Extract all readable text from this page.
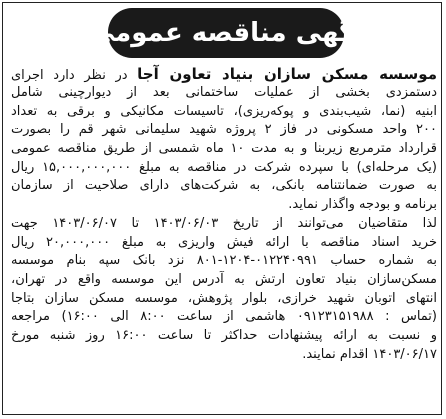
آگهی مناقصه عمومی
موسسه مسکن سازان بنیاد تعاون آجا در نظر دارد اجرای
دستمزدی بخشی از عملیات ساختمانی بعد از دیوارچینی شامل
ابنیه (نما، شیب‌بندی و پوکه‌ریزی)، تاسیسات مکانیکی و برقی به تعداد
۲۰۰ واحد مسکونی در فاز ۲ پروژه شهید سلیمانی شهر قم را بصورت
قرارداد مترمربع زیربنا و به مدت ۱۰ ماه شمسی از طریق مناقصه عمومی
(یک مرحله‌ای) با سپرده شرکت در مناقصه به مبلغ ۱۵,۰۰۰,۰۰۰,۰۰۰ ریال
به صورت ضمانتنامه بانکی، به شرکت‌های دارای صلاحیت از سازمان
برنامه و بودجه واگذار نماید.
لذا متقاضیان می‌توانند از تاریخ ۱۴۰۳/۰۶/۰۳ تا ۱۴۰۳/۰۶/۰۷ جهت
خرید اسناد مناقصه با ارائه فیش واریزی به مبلغ ۲۰,۰۰۰,۰۰۰ ریال
به شماره حساب ۰۱۲۲۴۰۹۹۱-۱۲۰۴-۸۰۱ نزد بانک سپه بنام موسسه
مسکن‌سازان بنیاد تعاون ارتش به آدرس این موسسه واقع در تهران،
انتهای اتوبان شهید خرازی، بلوار پژوهش، موسسه مسکن سازان بتاجا
(تماس : ۰۹۱۲۳۱۵۱۹۸۸ هاشمی از ساعت ۸:۰۰ الی ۱۶:۰۰) مراجعه
و نسبت به ارائه پیشنهادات حداکثر تا ساعت ۱۶:۰۰ روز شنبه مورخ
۱۴۰۳/۰۶/۱۷ اقدام نمایند.
